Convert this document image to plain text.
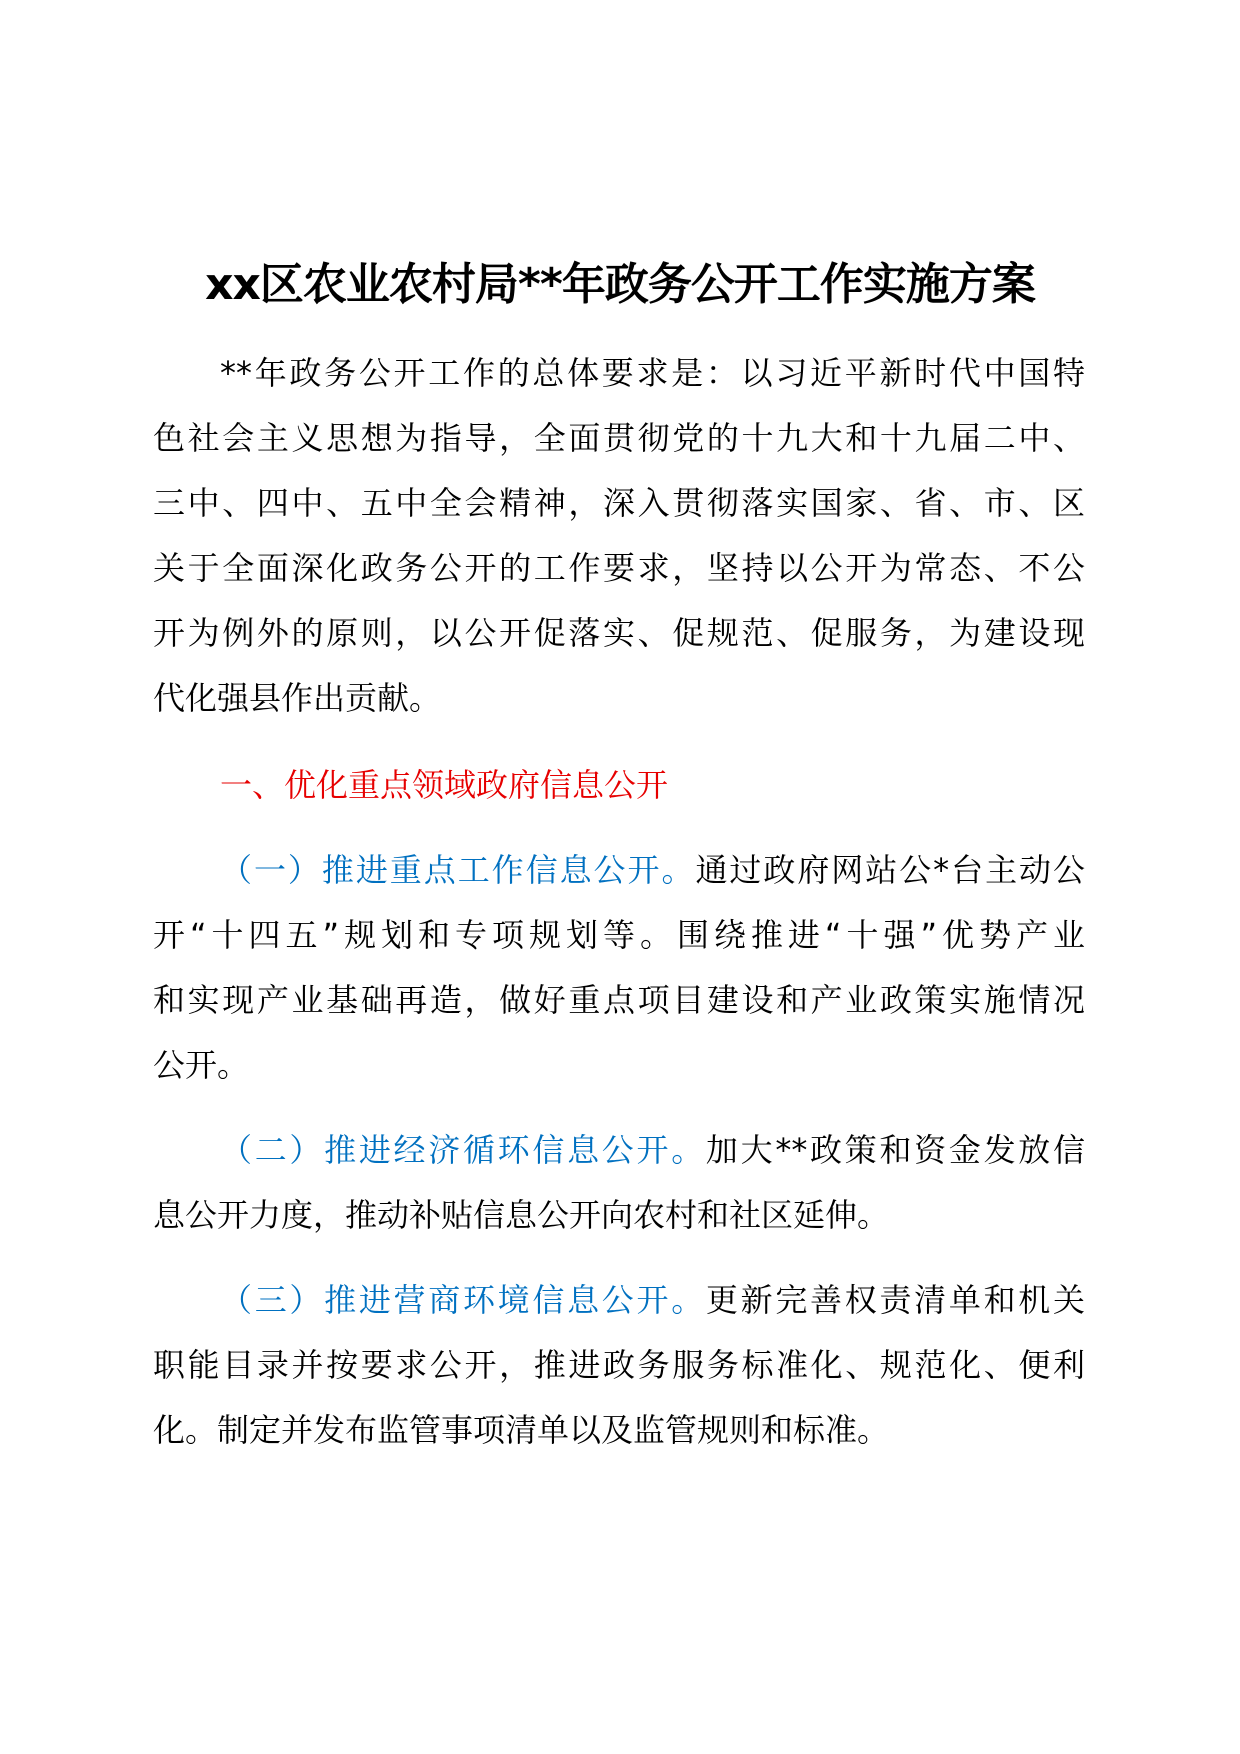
xx区农业农村局**年政务公开工作实施方案
**年政务公开工作的总体要求是：以习近平新时代中国特
色社会主义思想为指导，全面贯彻党的十九大和十九届二中、
三中、四中、五中全会精神，深入贯彻落实国家、省、市、区
关于全面深化政务公开的工作要求，坚持以公开为常态、不公
开为例外的原则，以公开促落实、促规范、促服务，为建设现
代化强县作出贡献。
一、优化重点领域政府信息公开
（一）推进重点工作信息公开。通过政府网站公*台主动公
开“十四五”规划和专项规划等。围绕推进“十强”优势产业
和实现产业基础再造，做好重点项目建设和产业政策实施情况
公开。
（二）推进经济循环信息公开。加大**政策和资金发放信
息公开力度，推动补贴信息公开向农村和社区延伸。
（三）推进营商环境信息公开。更新完善权责清单和机关
职能目录并按要求公开，推进政务服务标准化、规范化、便利
化。制定并发布监管事项清单以及监管规则和标准。
